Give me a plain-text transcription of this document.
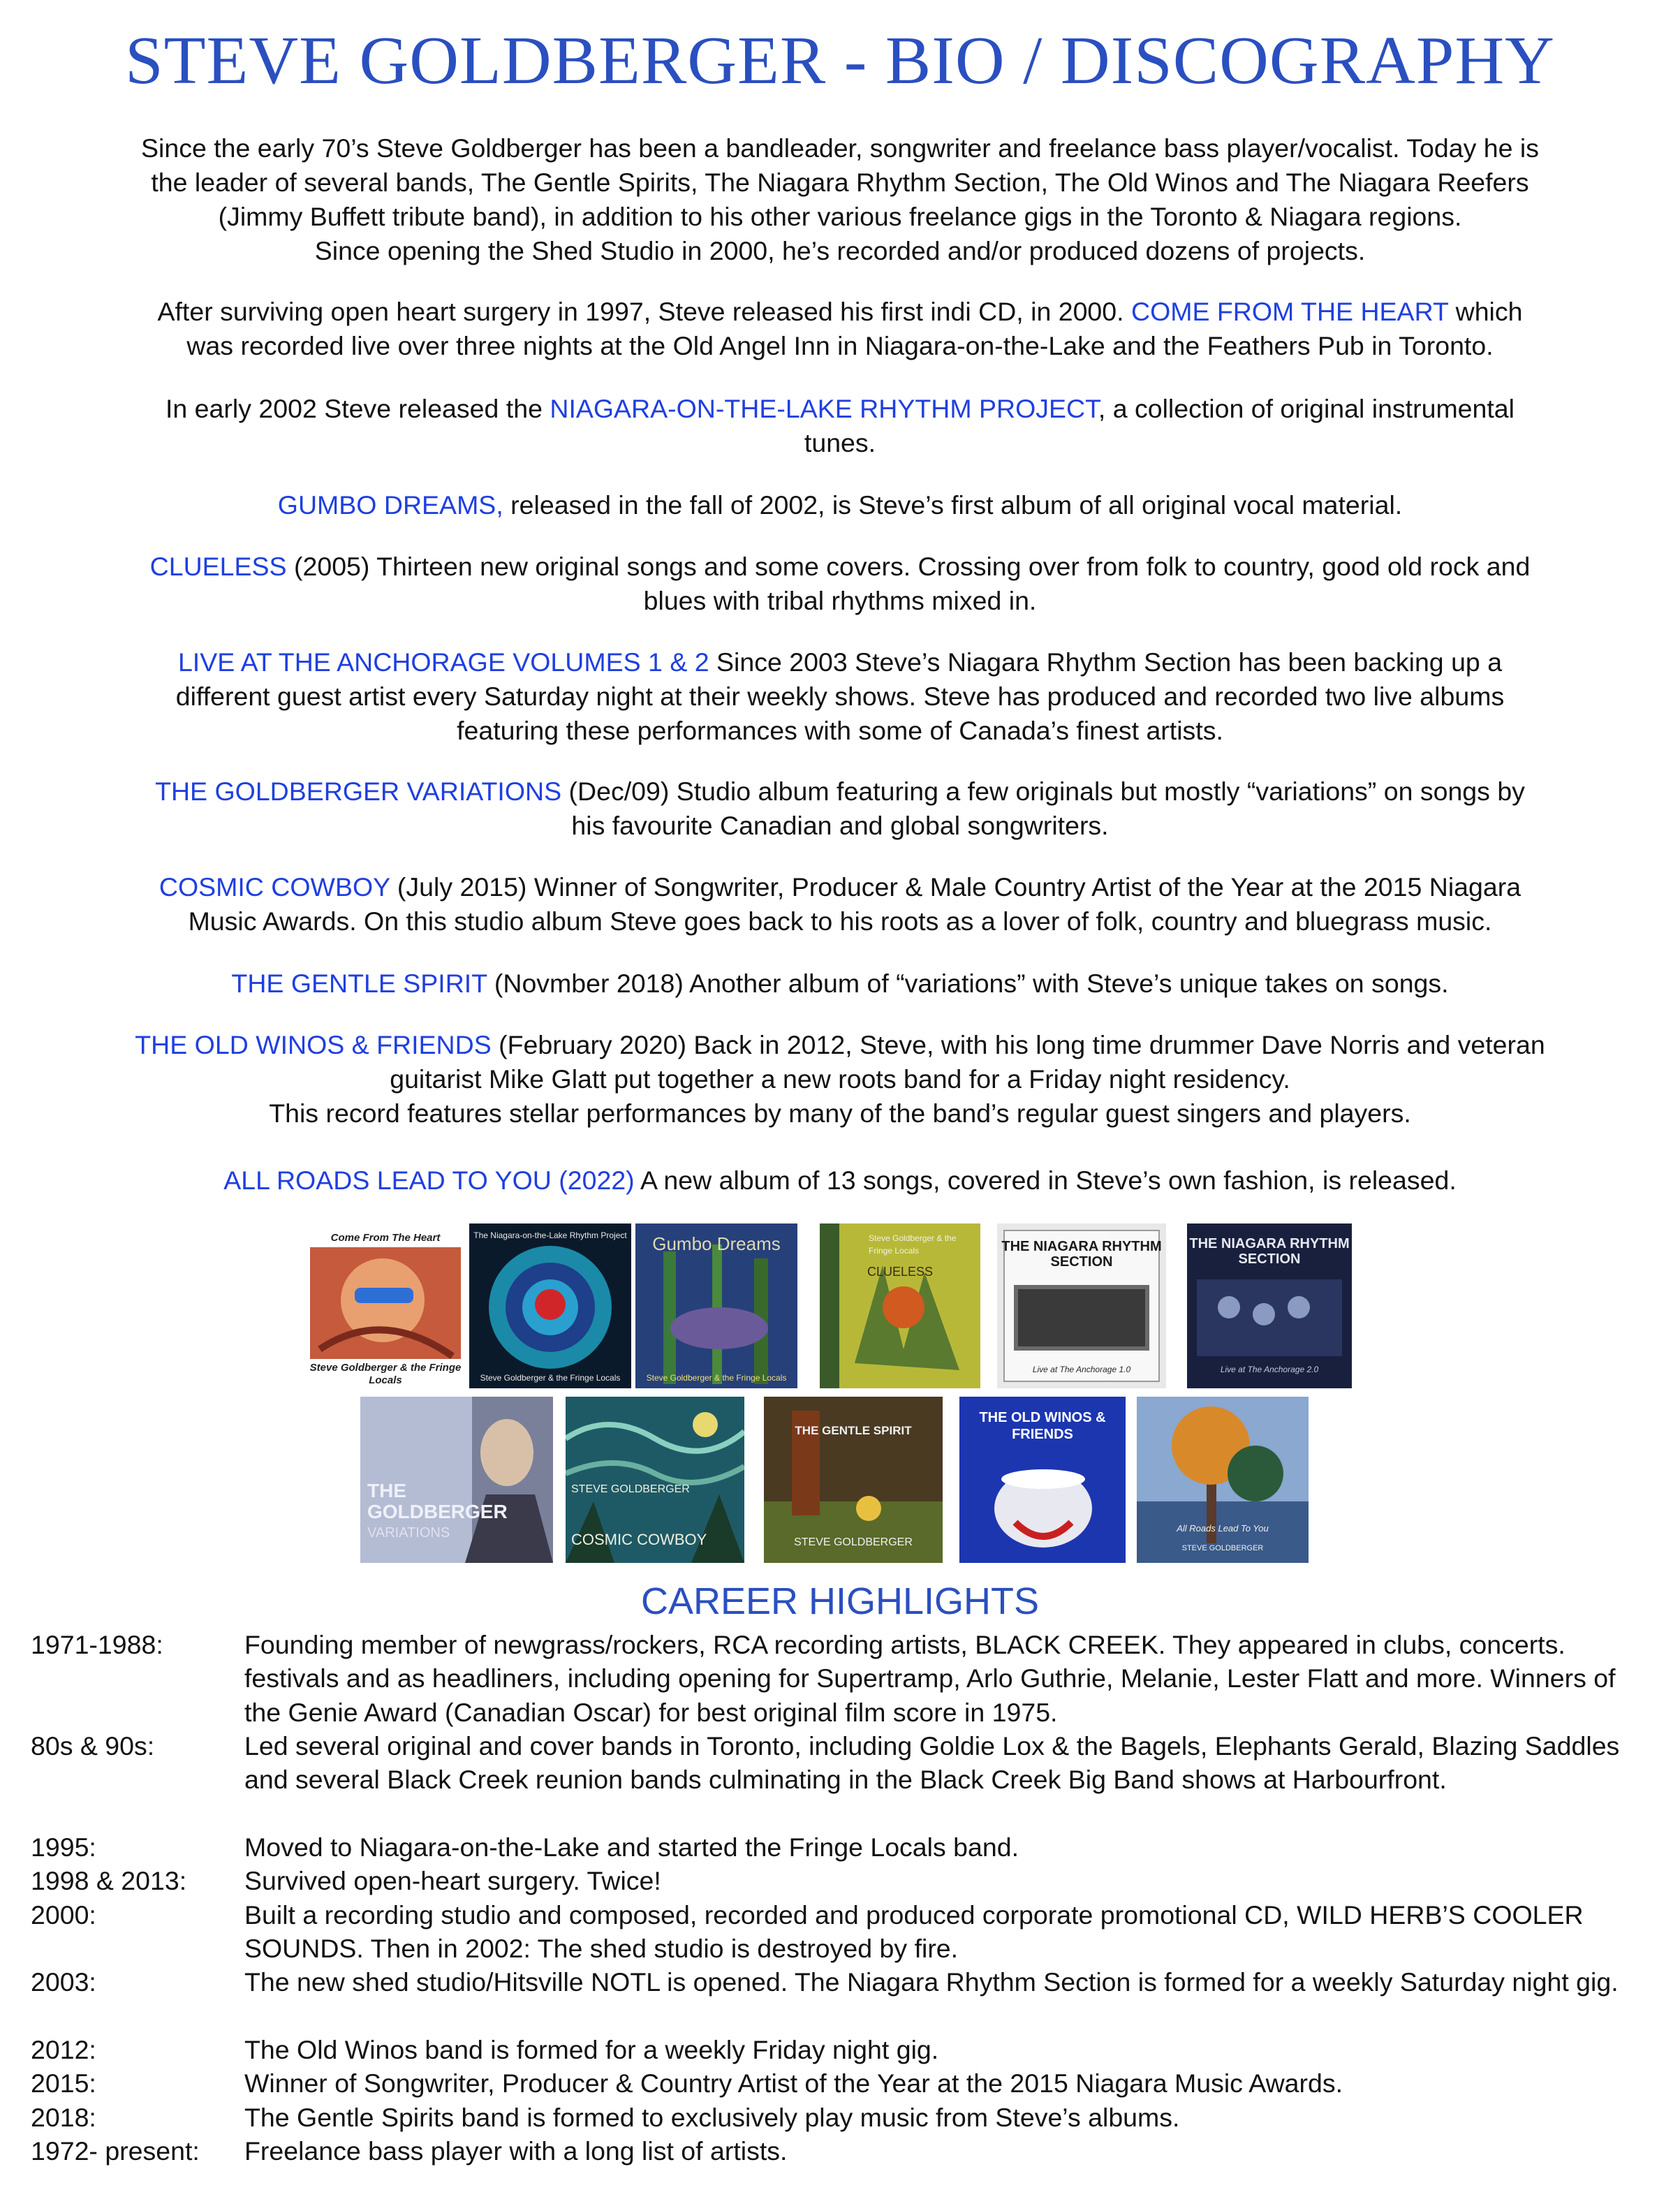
STEVE GOLDBERGER - BIO / DISCOGRAPHY
Since the early 70’s Steve Goldberger has been a bandleader, songwriter and freelance bass player/vocalist. Today he is
the leader of several bands, The Gentle Spirits, The Niagara Rhythm Section, The Old Winos and The Niagara Reefers
(Jimmy Buffett tribute band), in addition to his other various freelance gigs in the Toronto & Niagara regions.
Since opening the Shed Studio in 2000, he’s recorded and/or produced dozens of projects.
After surviving open heart surgery in 1997, Steve released his first indi CD, in 2000. COME FROM THE HEART which
was recorded live over three nights at the Old Angel Inn in Niagara-on-the-Lake and the Feathers Pub in Toronto.
In early 2002 Steve released the NIAGARA-ON-THE-LAKE RHYTHM PROJECT, a collection of original instrumental
tunes.
GUMBO DREAMS, released in the fall of 2002, is Steve’s first album of all original vocal material.
CLUELESS (2005) Thirteen new original songs and some covers. Crossing over from folk to country, good old rock and
blues with tribal rhythms mixed in.
LIVE AT THE ANCHORAGE VOLUMES 1 & 2 Since 2003 Steve’s Niagara Rhythm Section has been backing up a
different guest artist every Saturday night at their weekly shows. Steve has produced and recorded two live albums
featuring these performances with some of Canada’s finest artists.
THE GOLDBERGER VARIATIONS (Dec/09) Studio album featuring a few originals but mostly “variations” on songs by
his favourite Canadian and global songwriters.
COSMIC COWBOY (July 2015) Winner of Songwriter, Producer & Male Country Artist of the Year at the 2015 Niagara
Music Awards. On this studio album Steve goes back to his roots as a lover of folk, country and bluegrass music.
THE GENTLE SPIRIT (Novmber 2018) Another album of “variations” with Steve’s unique takes on songs.
THE OLD WINOS & FRIENDS (February 2020) Back in 2012, Steve, with his long time drummer Dave Norris and veteran
guitarist Mike Glatt put together a new roots band for a Friday night residency.
This record features stellar performances by many of the band’s regular guest singers and players.
ALL ROADS LEAD TO YOU (2022) A new album of 13 songs, covered in Steve’s own fashion, is released.
Come From The Heart
Steve Goldberger & the Fringe Locals
The Niagara-on-the-Lake Rhythm Project
Steve Goldberger & the Fringe Locals
Gumbo Dreams
Steve Goldberger & the Fringe Locals
Steve Goldberger & the Fringe Locals
CLUELESS
THE NIAGARA RHYTHM SECTION
Live at The Anchorage 1.0
THE NIAGARA RHYTHM SECTION
Live at The Anchorage 2.0
THE GOLDBERGER
VARIATIONS
STEVE GOLDBERGER
COSMIC COWBOY
THE GENTLE SPIRIT
STEVE GOLDBERGER
THE OLD WINOS & FRIENDS
All Roads Lead To You
STEVE GOLDBERGER
CAREER HIGHLIGHTS
1971-1988:	Founding member of newgrass/rockers, RCA recording artists, BLACK CREEK. They appeared in clubs, concerts. festivals and as headliners, including opening for Supertramp, Arlo Guthrie, Melanie, Lester Flatt and more. Winners of the Genie Award (Canadian Oscar) for best original film score in 1975.
80s & 90s:	Led several original and cover bands in Toronto, including Goldie Lox & the Bagels, Elephants Gerald, Blazing Saddles and several Black Creek reunion bands culminating in the Black Creek Big Band shows at Harbourfront.
1995:	Moved to Niagara-on-the-Lake and started the Fringe Locals band.
1998 & 2013: Survived open-heart surgery. Twice!
2000:	Built a recording studio and composed, recorded and produced corporate promotional CD, WILD HERB’S COOLER SOUNDS. Then in 2002: The shed studio is destroyed by fire.
2003:	The new shed studio/Hitsville NOTL is opened. The Niagara Rhythm Section is formed for a weekly Saturday night gig.
2012:	The Old Winos band is formed for a weekly Friday night gig.
2015:	Winner of Songwriter, Producer & Country Artist of the Year at the 2015 Niagara Music Awards.
2018:	The Gentle Spirits band is formed to exclusively play music from Steve’s albums.
1972- present: Freelance bass player with a long list of artists.
